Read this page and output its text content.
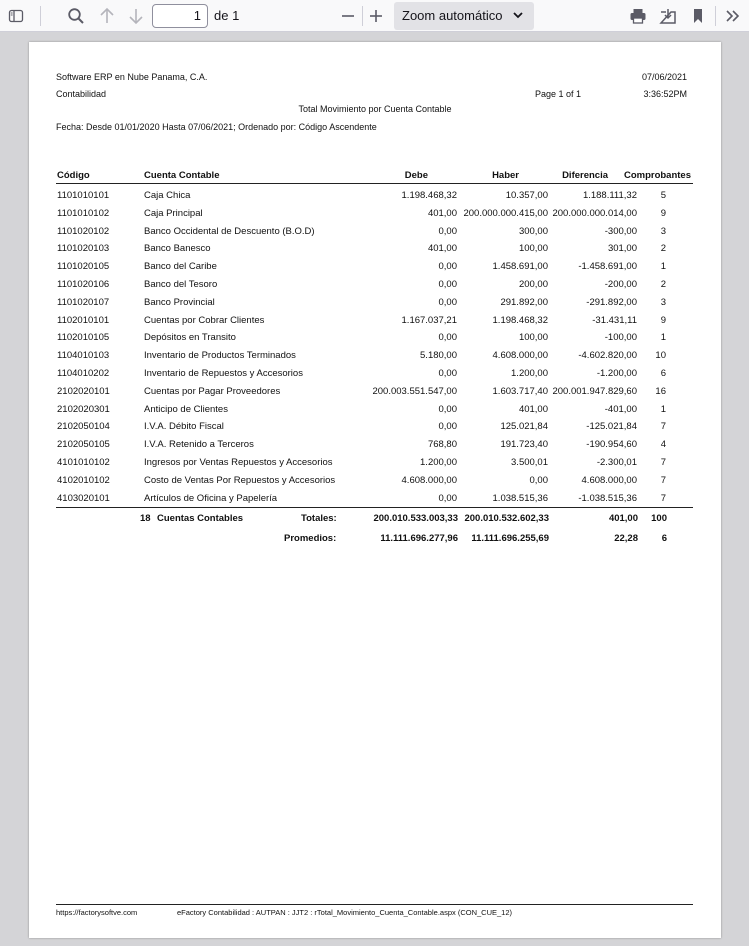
1	de 1	Zoom automático
Software ERP en Nube Panama, C.A.
Contabilidad
07/06/2021
Page 1 of 1	3:36:52PM
Total Movimiento por Cuenta Contable
Fecha: Desde 01/01/2020 Hasta 07/06/2021; Ordenado por: Código Ascendente
Código	Cuenta Contable	Debe	Haber	Diferencia Comprobantes
1101010101	Caja Chica	1.198.468,32	10.357,00	1.188.111,32 5
1101010102	Caja Principal	401,00 200.000.000.415,00 200.000.000.014,00 9
1101020102	Banco Occidental de Descuento (B.O.D)	0,00	300,00	-300,00 3
1101020103	Banco Banesco	401,00	100,00	301,00 2
1101020105	Banco del Caribe	0,00	1.458.691,00	-1.458.691,00 1
1101020106	Banco del Tesoro	0,00	200,00	-200,00 2
1101020107	Banco Provincial	0,00	291.892,00	-291.892,00 3
1102010101	Cuentas por Cobrar Clientes	1.167.037,21	1.198.468,32	-31.431,11 9
1102010105	Depósitos en Transito	0,00	100,00	-100,00 1
1104010103	Inventario de Productos Terminados	5.180,00	4.608.000,00	-4.602.820,00 10
1104010202	Inventario de Repuestos y Accesorios	0,00	1.200,00	-1.200,00 6
2102020101	Cuentas por Pagar Proveedores	200.003.551.547,00	1.603.717,40 200.001.947.829,60 16
2102020301	Anticipo de Clientes	0,00	401,00	-401,00 1
2102050104	I.V.A. Débito Fiscal	0,00	125.021,84	-125.021,84 7
2102050105	I.V.A. Retenido a Terceros	768,80	191.723,40	-190.954,60 4
4101010102	Ingresos por Ventas Repuestos y Accesorios	1.200,00	3.500,01	-2.300,01 7
4102010102	Costo de Ventas Por Repuestos y Accesorios	4.608.000,00	0,00	4.608.000,00 7
4103020101	Artículos de Oficina y Papelería	0,00	1.038.515,36	-1.038.515,36 7
18 Cuentas Contables	Totales:	200.010.533.003,33 200.010.532.602,33	401,00 100
Promedios:	11.111.696.277,96 11.111.696.255,69	22,28 6
https://factorysoftve.com	eFactory Contabilidad : AUTPAN : JJT2 : rTotal_Movimiento_Cuenta_Contable.aspx (CON_CUE_12)
